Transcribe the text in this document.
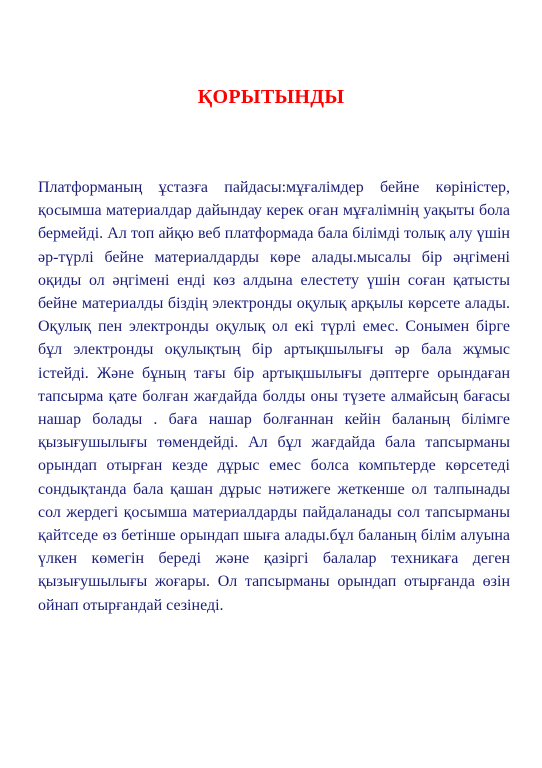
ҚОРЫТЫНДЫ

Платформаның ұстазға пайдасы:мұғалімдер бейне көріністер, қосымша материалдар дайындау керек оған мұғалімнің уақыты бола бермейді. Ал топ айқю веб платформада бала білімді толық алу үшін әр-түрлі бейне материалдарды көре алады.мысалы бір әңгімені оқиды ол әңгімені енді көз алдына елестету үшін соған қатысты бейне материалды біздің электронды оқулық арқылы көрсете алады. Оқулық пен электронды оқулық ол екі түрлі емес. Сонымен бірге бұл электронды оқулықтың бір артықшылығы әр бала жұмыс істейді. Және бұның тағы бір артықшылығы дәптерге орындаған тапсырма қате болған жағдайда болды оны түзете алмайсың бағасы нашар болады . баға нашар болғаннан кейін баланың білімге қызығушылығы төмендейді. Ал бұл жағдайда бала тапсырманы орындап отырған кезде дұрыс емес болса компьтерде көрсетеді сондықтанда бала қашан дұрыс нәтижеге жеткенше ол талпынады сол жердегі қосымша материалдарды пайдаланады сол тапсырманы қайтседе өз бетінше орындап шыға алады.бұл баланың білім алуына үлкен көмегін береді және қазіргі балалар техникаға деген қызығушылығы жоғары. Ол тапсырманы орындап отырғанда өзін ойнап отырғандай сезінеді.
